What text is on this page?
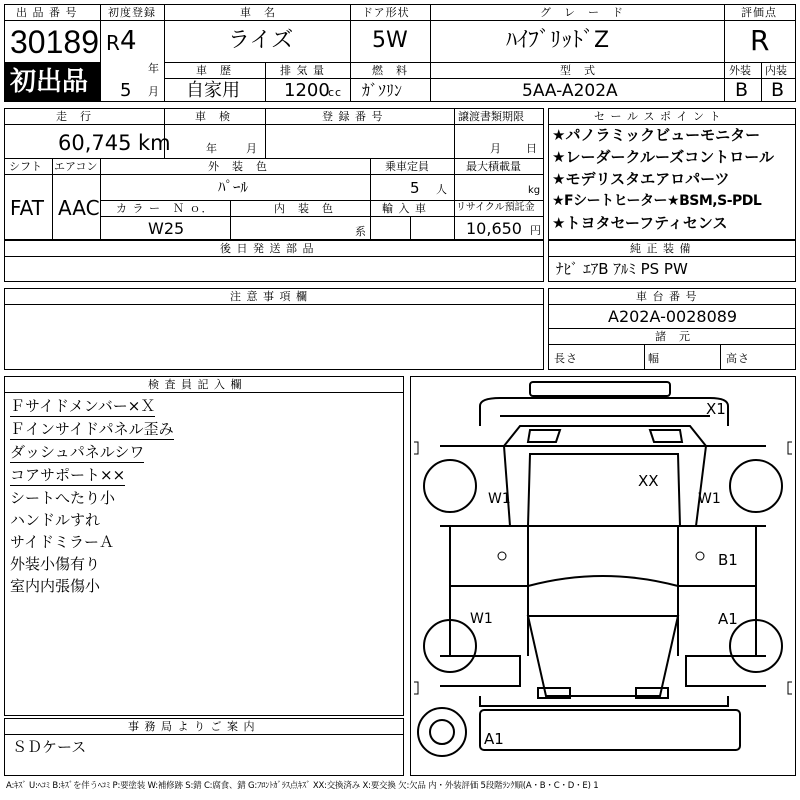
出 品 番 号
30189
初出品
初度登録
R 4
年
5 月
車　名
ライズ
ドア形状
5W
グ　レ　ー　ド
ﾊｲﾌﾞﾘｯﾄﾞZ
評価点
R
車　歴
自家用
排 気 量
1200
cc
燃　料
ｶﾞｿﾘﾝ
型　式
5AA-A202A
外装 内装
B B
走　行
60,745 km
車　検
年	月
登 録 番 号	譲渡書類期限
月 日
シフト エアコン
FAT AAC
外　装　色
ﾊﾟｰﾙ
乗車定員
5 人
最大積載量
kg
カ ラ ー　Ｎ ｏ．
W25
内　装　色
系
輸 入 車	リサイクル預託金
10,650 円
セ ー ル ス ポ イ ン ト
★パノラミックビューモニター
★レーダークルーズコントロール
★モデリスタエアロパーツ
★Fシートヒーター★BSM,S-PDL
★トヨタセーフティセンス
後 日 発 送 部 品	純 正 装 備
ﾅﾋﾞ ｴｱB ｱﾙﾐ PS PW
注 意 事 項 欄	車 台 番 号
A202A-0028089
諸　元
長さ	幅	高さ
検 査 員 記 入 欄
Ｆサイドメンバー×Ｘ
Ｆインサイドパネル歪み
ダッシュパネルシワ
コアサポート××
シートへたり小
ハンドルすれ
サイドミラーＡ
外装小傷有り
室内内張傷小
事 務 局 よ り ご 案 内
ＳＤケース
X1
XX
W1	W1
B1
W1	A1
A1
A:ｷｽﾞ U:ﾍｺﾐ B:ｷｽﾞを伴うﾍｺﾐ P:要塗装 W:補修跡 S:錆 C:腐食、錆 G:ﾌﾛﾝﾄｶﾞﾗｽ点ｷｽﾞ XX:交換済み X:要交換 欠:欠品 内・外装評価 5段階ﾗﾝｸ順(A・B・C・D・E) 1
